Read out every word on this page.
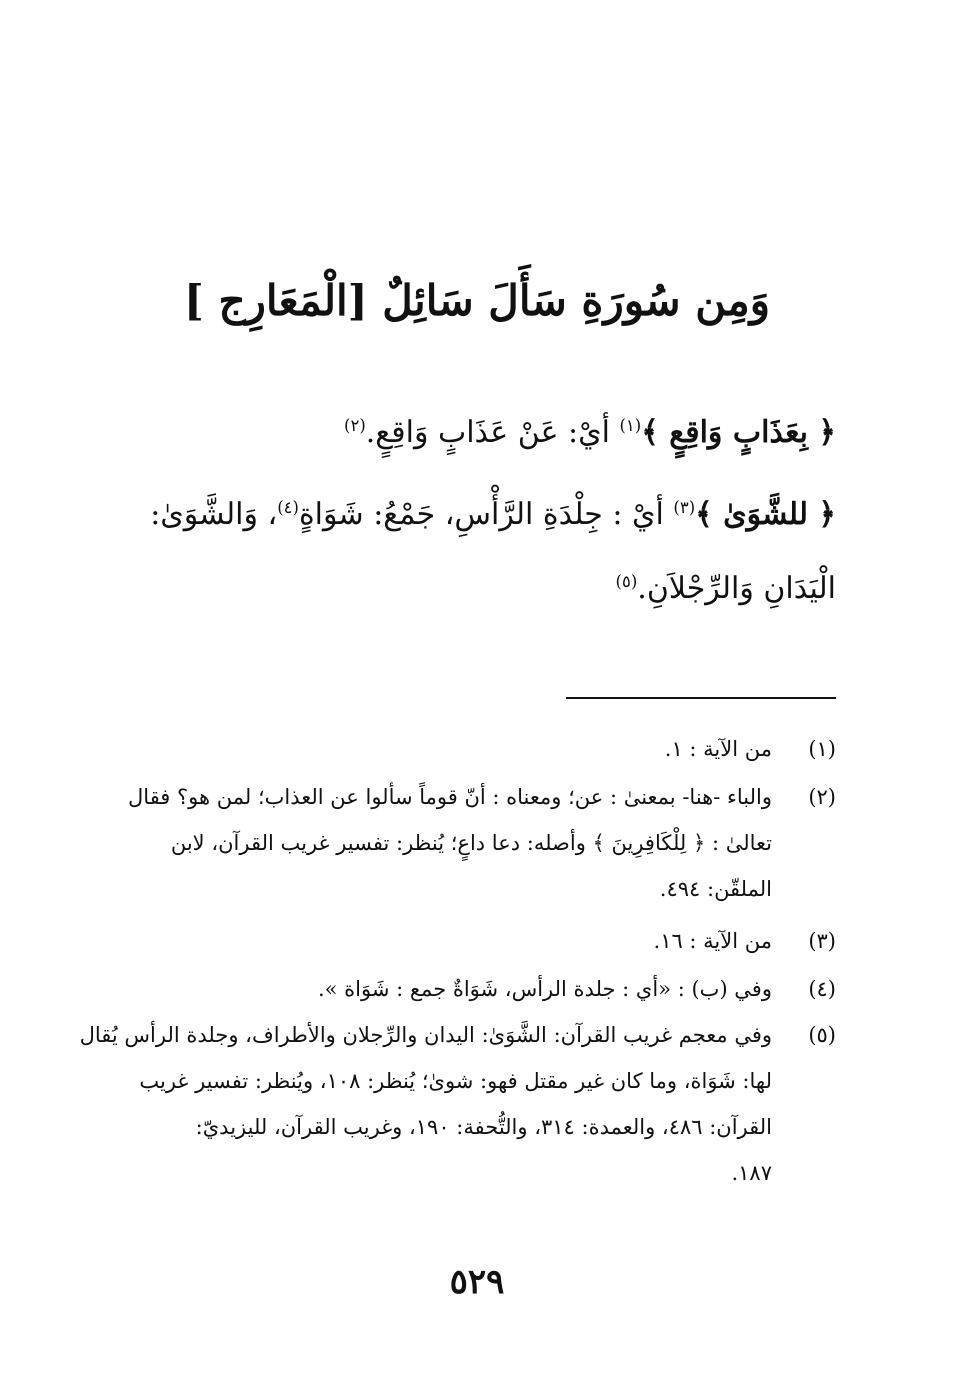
وَمِن سُورَةِ سَأَلَ سَائِلٌ [الْمَعَارِج ]
﴿ بِعَذَابٍ وَاقِعٍ ﴾$^{(١)}$ أيْ: عَنْ عَذَابٍ وَاقِعٍ.$^{(٢)}$
﴿ للشَّوَىٰ ﴾$^{(٣)}$ أيْ : جِلْدَةِ الرَّأْسِ، جَمْعُ: شَوَاةٍ$^{(٤)}$، وَالشَّوَىٰ:
الْيَدَانِ وَالرِّجْلاَنِ.$^{(٥)}$
(١)
من الآية : ١.
(٢)
والباء -هنا- بمعنىٰ : عن؛ ومعناه : أنّ قوماً سألوا عن العذاب؛ لمن هو؟ فقال
تعالىٰ : ﴿ لِلْكَافِرِينَ ﴾ وأصله: دعا داعٍ؛ يُنظر: تفسير غريب القرآن، لابن
الملقّن: ٤٩٤.
(٣)
من الآية : ١٦.
(٤)
وفي (ب) : «أي : جلدة الرأس، شَوَاةٌ جمع : شَوَاة ».
(٥)
وفي معجم غريب القرآن: الشَّوَىٰ: اليدان والرِّجلان والأطراف، وجلدة الرأس يُقال
لها: شَوَاة، وما كان غير مقتل فهو: شوىٰ؛ يُنظر: ١٠٨، ويُنظر: تفسير غريب
القرآن: ٤٨٦، والعمدة: ٣١٤، والتُّحفة: ١٩٠، وغريب القرآن، لليزيديّ:
١٨٧.
٥٢٩
